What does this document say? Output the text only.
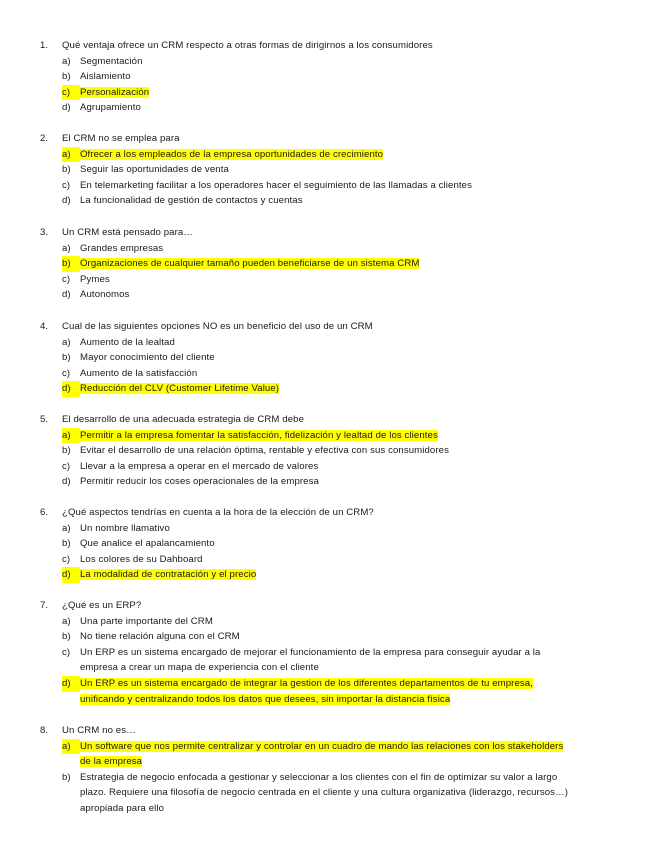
1. Qué ventaja ofrece un CRM respecto a otras formas de dirigirnos a los consumidores
a) Segmentación
b) Aislamiento
c) Personalización
d) Agrupamiento
2. El CRM no se emplea para
a) Ofrecer a los empleados de la empresa oportunidades de crecimiento
b) Seguir las oportunidades de venta
c) En telemarketing facilitar a los operadores hacer el seguimiento de las llamadas a clientes
d) La funcionalidad de gestión de contactos y cuentas
3. Un CRM está pensado para…
a) Grandes empresas
b) Organizaciones de cualquier tamaño pueden beneficiarse de un sistema CRM
c) Pymes
d) Autonomos
4. Cual de las siguientes opciones NO es un beneficio del uso de un CRM
a) Aumento de la lealtad
b) Mayor conocimiento del cliente
c) Aumento de la satisfacción
d) Reducción del CLV (Customer Lifetime Value)
5. El desarrollo de una adecuada estrategia de CRM debe
a) Permitir a la empresa fomentar la satisfacción, fidelización y lealtad de los clientes
b) Evitar el desarrollo de una relación óptima, rentable y efectiva con sus consumidores
c) Llevar a la empresa a operar en el mercado de valores
d) Permitir reducir los coses operacionales de la empresa
6. ¿Qué aspectos tendrías en cuenta a la hora de la elección de un CRM?
a) Un nombre llamativo
b) Que analice el apalancamiento
c) Los colores de su Dahboard
d) La modalidad de contratación y el precio
7. ¿Qué es un ERP?
a) Una parte importante del CRM
b) No tiene relación alguna con el CRM
c) Un ERP es un sistema encargado de mejorar el funcionamiento de la empresa para conseguir ayudar a la
empresa a crear un mapa de experiencia con el cliente
d) Un ERP es un sistema encargado de integrar la gestion de los diferentes departamentos de tu empresa,
unificando y centralizando todos los datos que desees, sin importar la distancia física
8. Un CRM no es…
a) Un software que nos permite centralizar y controlar en un cuadro de mando las relaciones con los stakeholders
de la empresa
b) Estrategia de negocio enfocada a gestionar y seleccionar a los clientes con el fin de optimizar su valor a largo
plazo. Requiere una filosofía de negocio centrada en el cliente y una cultura organizativa (liderazgo, recursos…)
apropiada para ello
